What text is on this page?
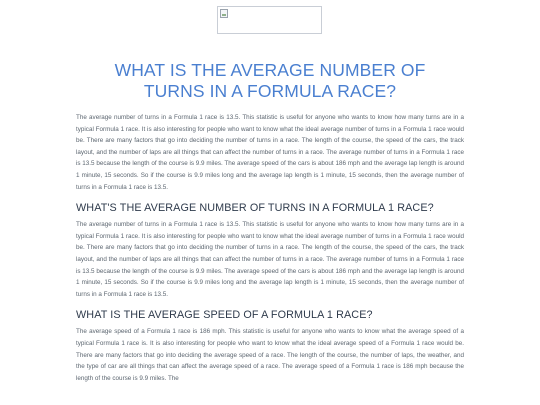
WHAT IS THE AVERAGE NUMBER OF
TURNS IN A FORMULA RACE?

The average number of turns in a Formula 1 race is 13.5. This statistic is useful for anyone who wants to know how many turns are in a typical Formula 1 race. It is also interesting for people who want to know what the ideal average number of turns in a Formula 1 race would be. There are many factors that go into deciding the number of turns in a race. The length of the course, the speed of the cars, the track layout, and the number of laps are all things that can affect the number of turns in a race. The average number of turns in a Formula 1 race is 13.5 because the length of the course is 9.9 miles. The average speed of the cars is about 186 mph and the average lap length is around 1 minute, 15 seconds. So if the course is 9.9 miles long and the average lap length is 1 minute, 15 seconds, then the average number of turns in a Formula 1 race is 13.5.

WHAT'S THE AVERAGE NUMBER OF TURNS IN A FORMULA 1 RACE?

The average number of turns in a Formula 1 race is 13.5. This statistic is useful for anyone who wants to know how many turns are in a typical Formula 1 race. It is also interesting for people who want to know what the ideal average number of turns in a Formula 1 race would be. There are many factors that go into deciding the number of turns in a race. The length of the course, the speed of the cars, the track layout, and the number of laps are all things that can affect the number of turns in a race. The average number of turns in a Formula 1 race is 13.5 because the length of the course is 9.9 miles. The average speed of the cars is about 186 mph and the average lap length is around 1 minute, 15 seconds. So if the course is 9.9 miles long and the average lap length is 1 minute, 15 seconds, then the average number of turns in a Formula 1 race is 13.5.

WHAT IS THE AVERAGE SPEED OF A FORMULA 1 RACE?

The average speed of a Formula 1 race is 186 mph. This statistic is useful for anyone who wants to know what the average speed of a typical Formula 1 race is. It is also interesting for people who want to know what the ideal average speed of a Formula 1 race would be. There are many factors that go into deciding the average speed of a race. The length of the course, the number of laps, the weather, and the type of car are all things that can affect the average speed of a race. The average speed of a Formula 1 race is 186 mph because the length of the course is 9.9 miles. The
